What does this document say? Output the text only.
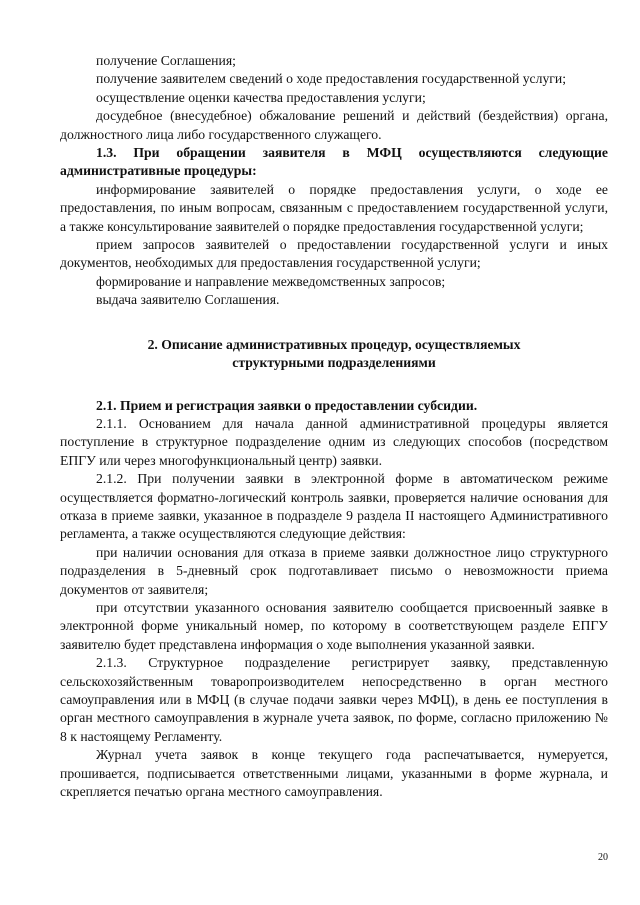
получение Соглашения;

получение заявителем сведений о ходе предоставления государственной услуги;

осуществление оценки качества предоставления услуги;

досудебное (внесудебное) обжалование решений и действий (бездействия) органа, должностного лица либо государственного служащего.

1.3. При обращении заявителя в МФЦ осуществляются следующие административные процедуры:

информирование заявителей о порядке предоставления услуги, о ходе ее предоставления, по иным вопросам, связанным с предоставлением государственной услуги, а также консультирование заявителей о порядке предоставления государственной услуги;

прием запросов заявителей о предоставлении государственной услуги и иных документов, необходимых для предоставления государственной услуги;

формирование и направление межведомственных запросов;

выдача заявителю Соглашения.

2. Описание административных процедур, осуществляемых
структурными подразделениями

2.1. Прием и регистрация заявки о предоставлении субсидии.

2.1.1. Основанием для начала данной административной процедуры является поступление в структурное подразделение одним из следующих способов (посредством ЕПГУ или через многофункциональный центр) заявки.

2.1.2. При получении заявки в электронной форме в автоматическом режиме осуществляется форматно-логический контроль заявки, проверяется наличие основания для отказа в приеме заявки, указанное в подразделе 9 раздела II настоящего Административного регламента, а также осуществляются следующие действия:

при наличии основания для отказа в приеме заявки должностное лицо структурного подразделения в 5-дневный срок подготавливает письмо о невозможности приема документов от заявителя;

при отсутствии указанного основания заявителю сообщается присвоенный заявке в электронной форме уникальный номер, по которому в соответствующем разделе ЕПГУ заявителю будет представлена информация о ходе выполнения указанной заявки.

2.1.3. Структурное подразделение регистрирует заявку, представленную сельскохозяйственным товаропроизводителем непосредственно в орган местного самоуправления или в МФЦ (в случае подачи заявки через МФЦ), в день ее поступления в орган местного самоуправления в журнале учета заявок, по форме, согласно приложению № 8 к настоящему Регламенту.

Журнал учета заявок в конце текущего года распечатывается, нумеруется, прошивается, подписывается ответственными лицами, указанными в форме журнала, и скрепляется печатью органа местного самоуправления.

20
